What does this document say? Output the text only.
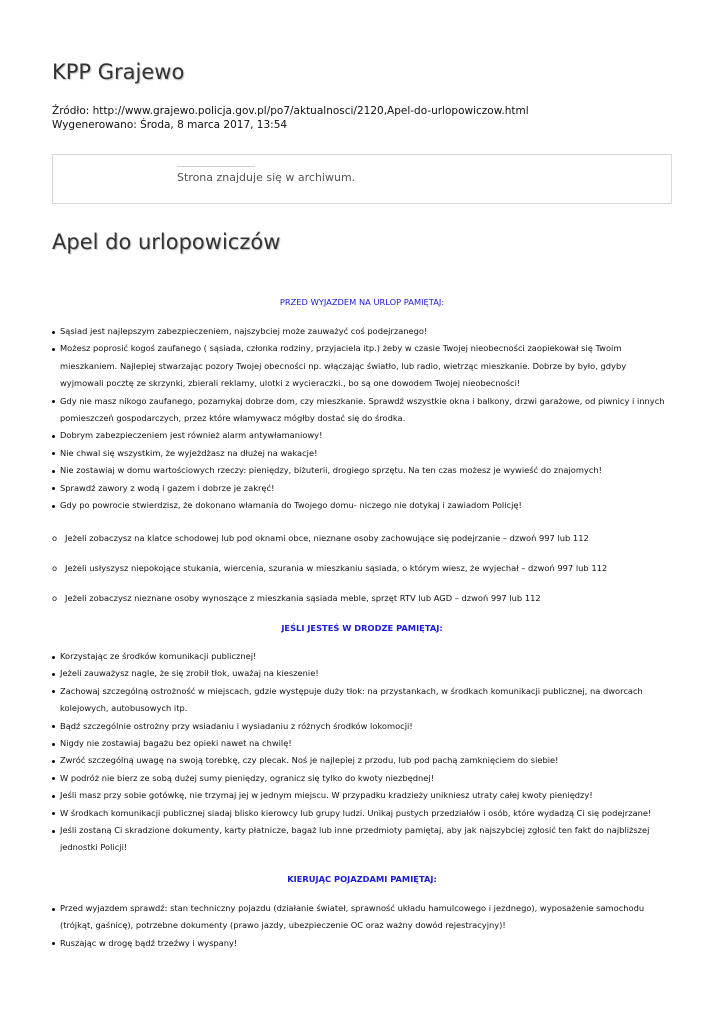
KPP Grajewo
Źródło: http://www.grajewo.policja.gov.pl/po7/aktualnosci/2120,Apel-do-urlopowiczow.html
Wygenerowano: Środa, 8 marca 2017, 13:54
Strona znajduje się w archiwum.
Apel do urlopowiczów
PRZED WYJAZDEM NA URLOP PAMIĘTAJ:
Sąsiad jest najlepszym zabezpieczeniem, najszybciej może zauważyć coś podejrzanego!
Możesz poprosić kogoś zaufanego ( sąsiada, członka rodziny, przyjaciela itp.) żeby w czasie Twojej nieobecności zaopiekował się Twoim mieszkaniem. Najlepiej stwarzając pozory Twojej obecności np. włączając światło, lub radio, wietrząc mieszkanie. Dobrze by było, gdyby wyjmowali pocztę ze skrzynki, zbierali reklamy, ulotki z wycieraczki., bo są one dowodem Twojej nieobecności!
Gdy nie masz nikogo zaufanego, pozamykaj dobrze dom, czy mieszkanie. Sprawdź wszystkie okna i balkony, drzwi garażowe, od piwnicy i innych pomieszczeń gospodarczych, przez które włamywacz mógłby dostać się do środka.
Dobrym zabezpieczeniem jest również alarm antywłamaniowy!
Nie chwal się wszystkim, że wyjeżdżasz na dłużej na wakacje!
Nie zostawiaj w domu wartościowych rzeczy: pieniędzy, biżuterii, drogiego sprzętu. Na ten czas możesz je wywieść do znajomych!
Sprawdź zawory z wodą i gazem i dobrze je zakręć!
Gdy po powrocie stwierdzisz, że dokonano włamania do Twojego domu- niczego nie dotykaj i zawiadom Policję!
o Jeżeli zobaczysz na klatce schodowej lub pod oknami obce, nieznane osoby zachowujące się podejrzanie – dzwoń 997 lub 112
o Jeżeli usłyszysz niepokojące stukania, wiercenia, szurania w mieszkaniu sąsiada, o którym wiesz, że wyjechał – dzwoń 997 lub 112
o Jeżeli zobaczysz nieznane osoby wynoszące z mieszkania sąsiada meble, sprzęt RTV lub AGD – dzwoń 997 lub 112
JEŚLI JESTEŚ W DRODZE PAMIĘTAJ:
Korzystając ze środków komunikacji publicznej!
Jeżeli zauważysz nagle, że się zrobił tłok, uważaj na kieszenie!
Zachowaj szczególną ostrożność w miejscach, gdzie występuje duży tłok: na przystankach, w środkach komunikacji publicznej, na dworcach kolejowych, autobusowych itp.
Bądź szczególnie ostrożny przy wsiadaniu i wysiadaniu z różnych środków lokomocji!
Nigdy nie zostawiaj bagażu bez opieki nawet na chwilę!
Zwróć szczególną uwagę na swoją torebkę, czy plecak. Noś je najlepiej z przodu, lub pod pachą zamknięciem do siebie!
W podróż nie bierz ze sobą dużej sumy pieniędzy, ogranicz się tylko do kwoty niezbędnej!
Jeśli masz przy sobie gotówkę, nie trzymaj jej w jednym miejscu. W przypadku kradzieży unikniesz utraty całej kwoty pieniędzy!
W środkach komunikacji publicznej siadaj blisko kierowcy lub grupy ludzi. Unikaj pustych przedziałów i osób, które wydadzą Ci się podejrzane!
Jeśli zostaną Ci skradzione dokumenty, karty płatnicze, bagaż lub inne przedmioty pamiętaj, aby jak najszybciej zgłosić ten fakt do najbliższej jednostki Policji!
KIERUJĄC POJAZDAMI PAMIĘTAJ:
Przed wyjazdem sprawdź: stan techniczny pojazdu (działanie świateł, sprawność układu hamulcowego i jezdnego), wyposażenie samochodu (trójkąt, gaśnicę), potrzebne dokumenty (prawo jazdy, ubezpieczenie OC oraz ważny dowód rejestracyjny)!
Ruszając w drogę bądź trzeźwy i wyspany!
